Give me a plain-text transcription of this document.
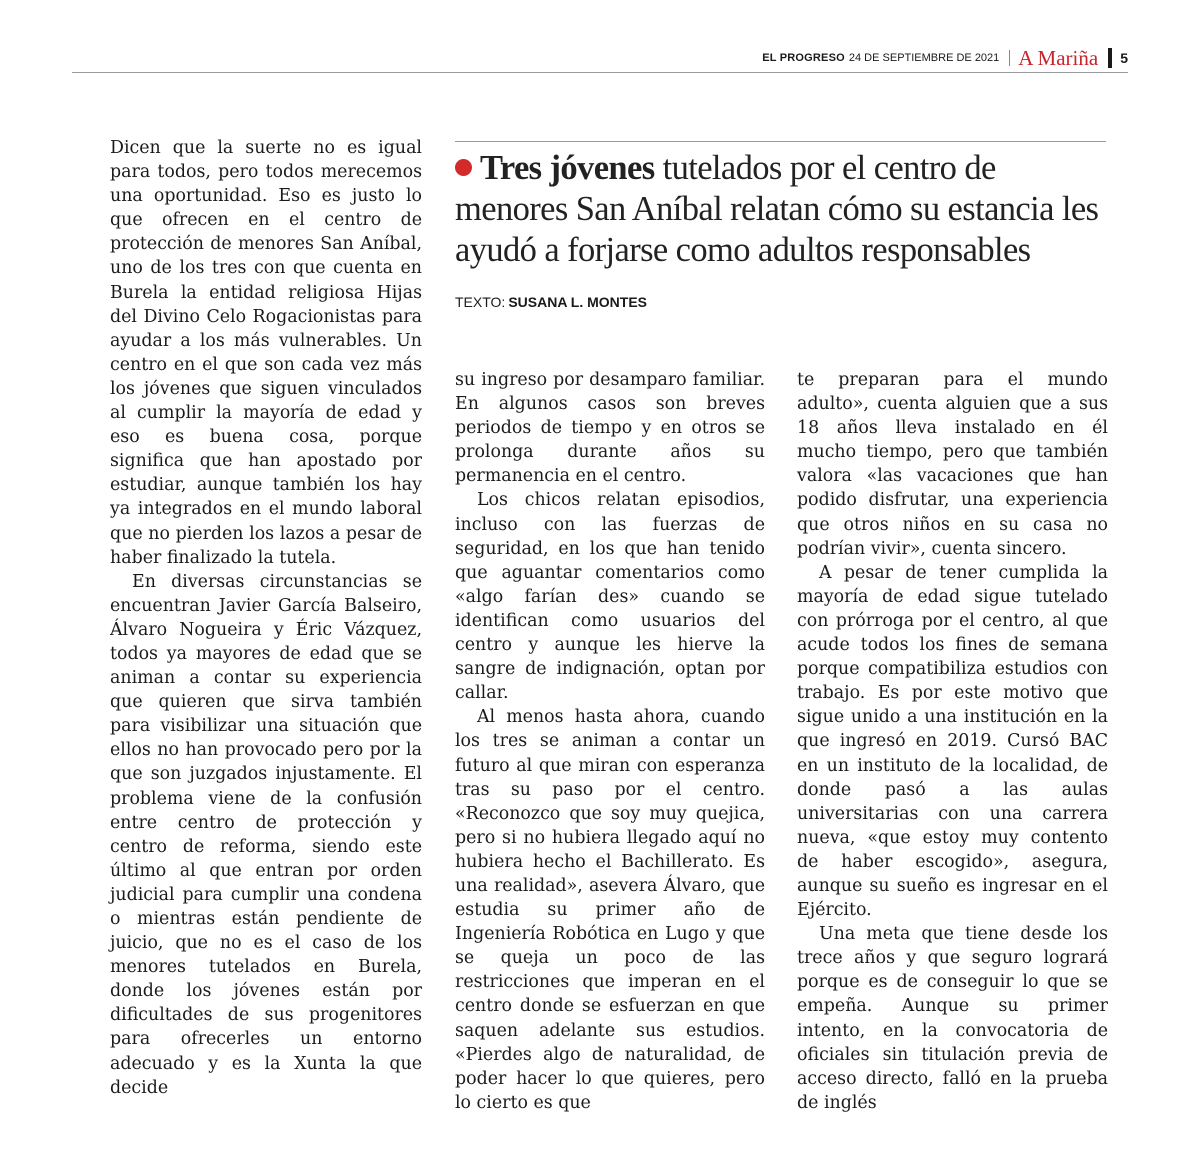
EL PROGRESO 24 DE SEPTIEMBRE DE 2021 A Mariña 5

Dicen que la suerte no es igual para todos, pero todos merecemos una oportunidad. Eso es justo lo que ofrecen en el centro de protección de menores San Aníbal, uno de los tres con que cuenta en Burela la entidad religiosa Hijas del Divino Celo Rogacionistas para ayudar a los más vulnerables. Un centro en el que son cada vez más los jóvenes que siguen vinculados al cumplir la mayoría de edad y eso es buena cosa, porque significa que han apostado por estudiar, aunque también los hay ya integrados en el mundo laboral que no pierden los lazos a pesar de haber finalizado la tutela.

En diversas circunstancias se encuentran Javier García Balseiro, Álvaro Nogueira y Éric Vázquez, todos ya mayores de edad que se animan a contar su experiencia que quieren que sirva también para visibilizar una situación que ellos no han provocado pero por la que son juzgados injustamente. El problema viene de la confusión entre centro de protección y centro de reforma, siendo este último al que entran por orden judicial para cumplir una condena o mientras están pendiente de juicio, que no es el caso de los menores tutelados en Burela, donde los jóvenes están por dificultades de sus progenitores para ofrecerles un entorno adecuado y es la Xunta la que decide

Tres jóvenes tutelados por el centro de menores San Aníbal relatan cómo su estancia les ayudó a forjarse como adultos responsables
TEXTO: SUSANA L. MONTES

su ingreso por desamparo familiar. En algunos casos son breves periodos de tiempo y en otros se prolonga durante años su permanencia en el centro.

Los chicos relatan episodios, incluso con las fuerzas de seguridad, en los que han tenido que aguantar comentarios como «algo farían des» cuando se identifican como usuarios del centro y aunque les hierve la sangre de indignación, optan por callar.

Al menos hasta ahora, cuando los tres se animan a contar un futuro al que miran con esperanza tras su paso por el centro. «Reconozco que soy muy quejica, pero si no hubiera llegado aquí no hubiera hecho el Bachillerato. Es una realidad», asevera Álvaro, que estudia su primer año de Ingeniería Robótica en Lugo y que se queja un poco de las restricciones que imperan en el centro donde se esfuerzan en que saquen adelante sus estudios. «Pierdes algo de naturalidad, de poder hacer lo que quieres, pero lo cierto es que

te preparan para el mundo adulto», cuenta alguien que a sus 18 años lleva instalado en él mucho tiempo, pero que también valora «las vacaciones que han podido disfrutar, una experiencia que otros niños en su casa no podrían vivir», cuenta sincero.

A pesar de tener cumplida la mayoría de edad sigue tutelado con prórroga por el centro, al que acude todos los fines de semana porque compatibiliza estudios con trabajo. Es por este motivo que sigue unido a una institución en la que ingresó en 2019. Cursó BAC en un instituto de la localidad, de donde pasó a las aulas universitarias con una carrera nueva, «que estoy muy contento de haber escogido», asegura, aunque su sueño es ingresar en el Ejército.

Una meta que tiene desde los trece años y que seguro logrará porque es de conseguir lo que se empeña. Aunque su primer intento, en la convocatoria de oficiales sin titulación previa de acceso directo, falló en la prueba de inglés
